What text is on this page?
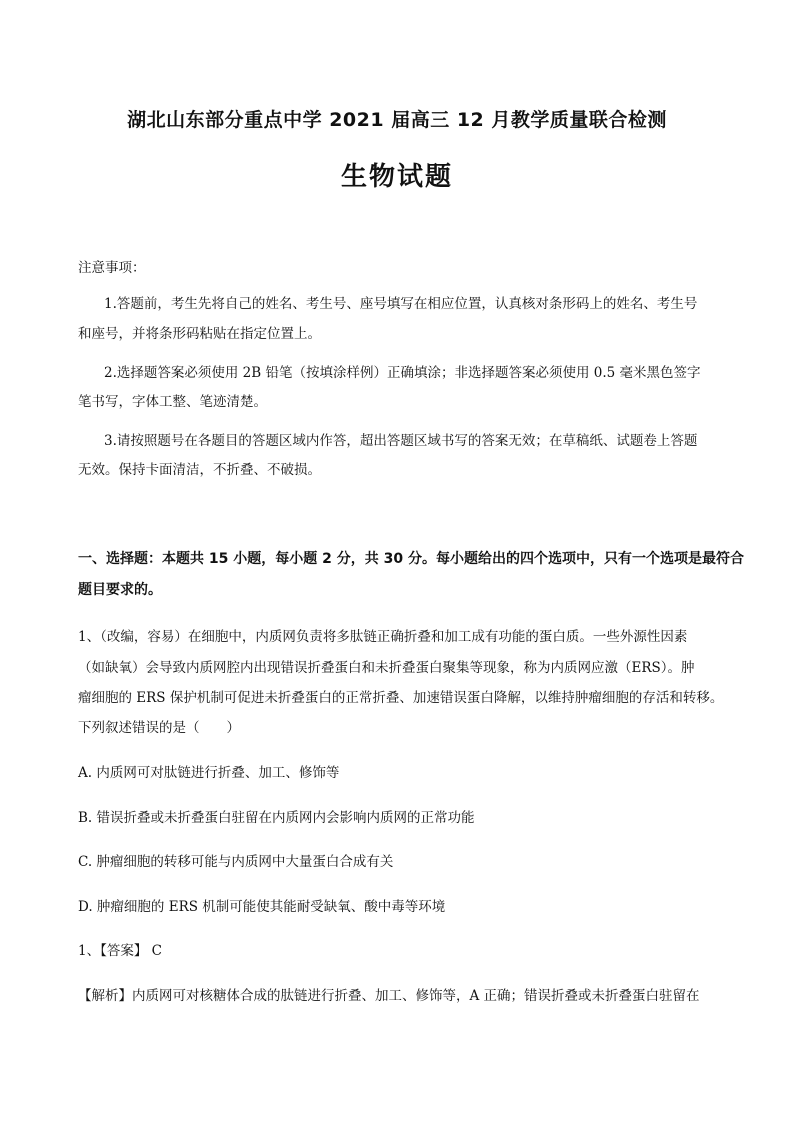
湖北山东部分重点中学 2021 届高三 12 月教学质量联合检测
生物试题
注意事项：
1.答题前，考生先将自己的姓名、考生号、座号填写在相应位置，认真核对条形码上的姓名、考生号
和座号，并将条形码粘贴在指定位置上。
2.选择题答案必须使用 2B 铅笔（按填涂样例）正确填涂；非选择题答案必须使用 0.5 毫米黑色签字
笔书写，字体工整、笔迹清楚。
3.请按照题号在各题目的答题区域内作答，超出答题区域书写的答案无效；在草稿纸、试题卷上答题
无效。保持卡面清洁，不折叠、不破损。
一、选择题：本题共 15 小题，每小题 2 分，共 30 分。每小题给出的四个选项中，只有一个选项是最符合
题目要求的。
1、（改编，容易）在细胞中，内质网负责将多肽链正确折叠和加工成有功能的蛋白质。一些外源性因素
（如缺氧）会导致内质网腔内出现错误折叠蛋白和未折叠蛋白聚集等现象，称为内质网应激（ERS）。肿
瘤细胞的 ERS 保护机制可促进未折叠蛋白的正常折叠、加速错误蛋白降解，以维持肿瘤细胞的存活和转移。
下列叙述错误的是（　　）
A. 内质网可对肽链进行折叠、加工、修饰等
B. 错误折叠或未折叠蛋白驻留在内质网内会影响内质网的正常功能
C. 肿瘤细胞的转移可能与内质网中大量蛋白合成有关
D. 肿瘤细胞的 ERS 机制可能使其能耐受缺氧、酸中毒等环境
1、【答案】 C
【解析】内质网可对核糖体合成的肽链进行折叠、加工、修饰等，A 正确；错误折叠或未折叠蛋白驻留在
